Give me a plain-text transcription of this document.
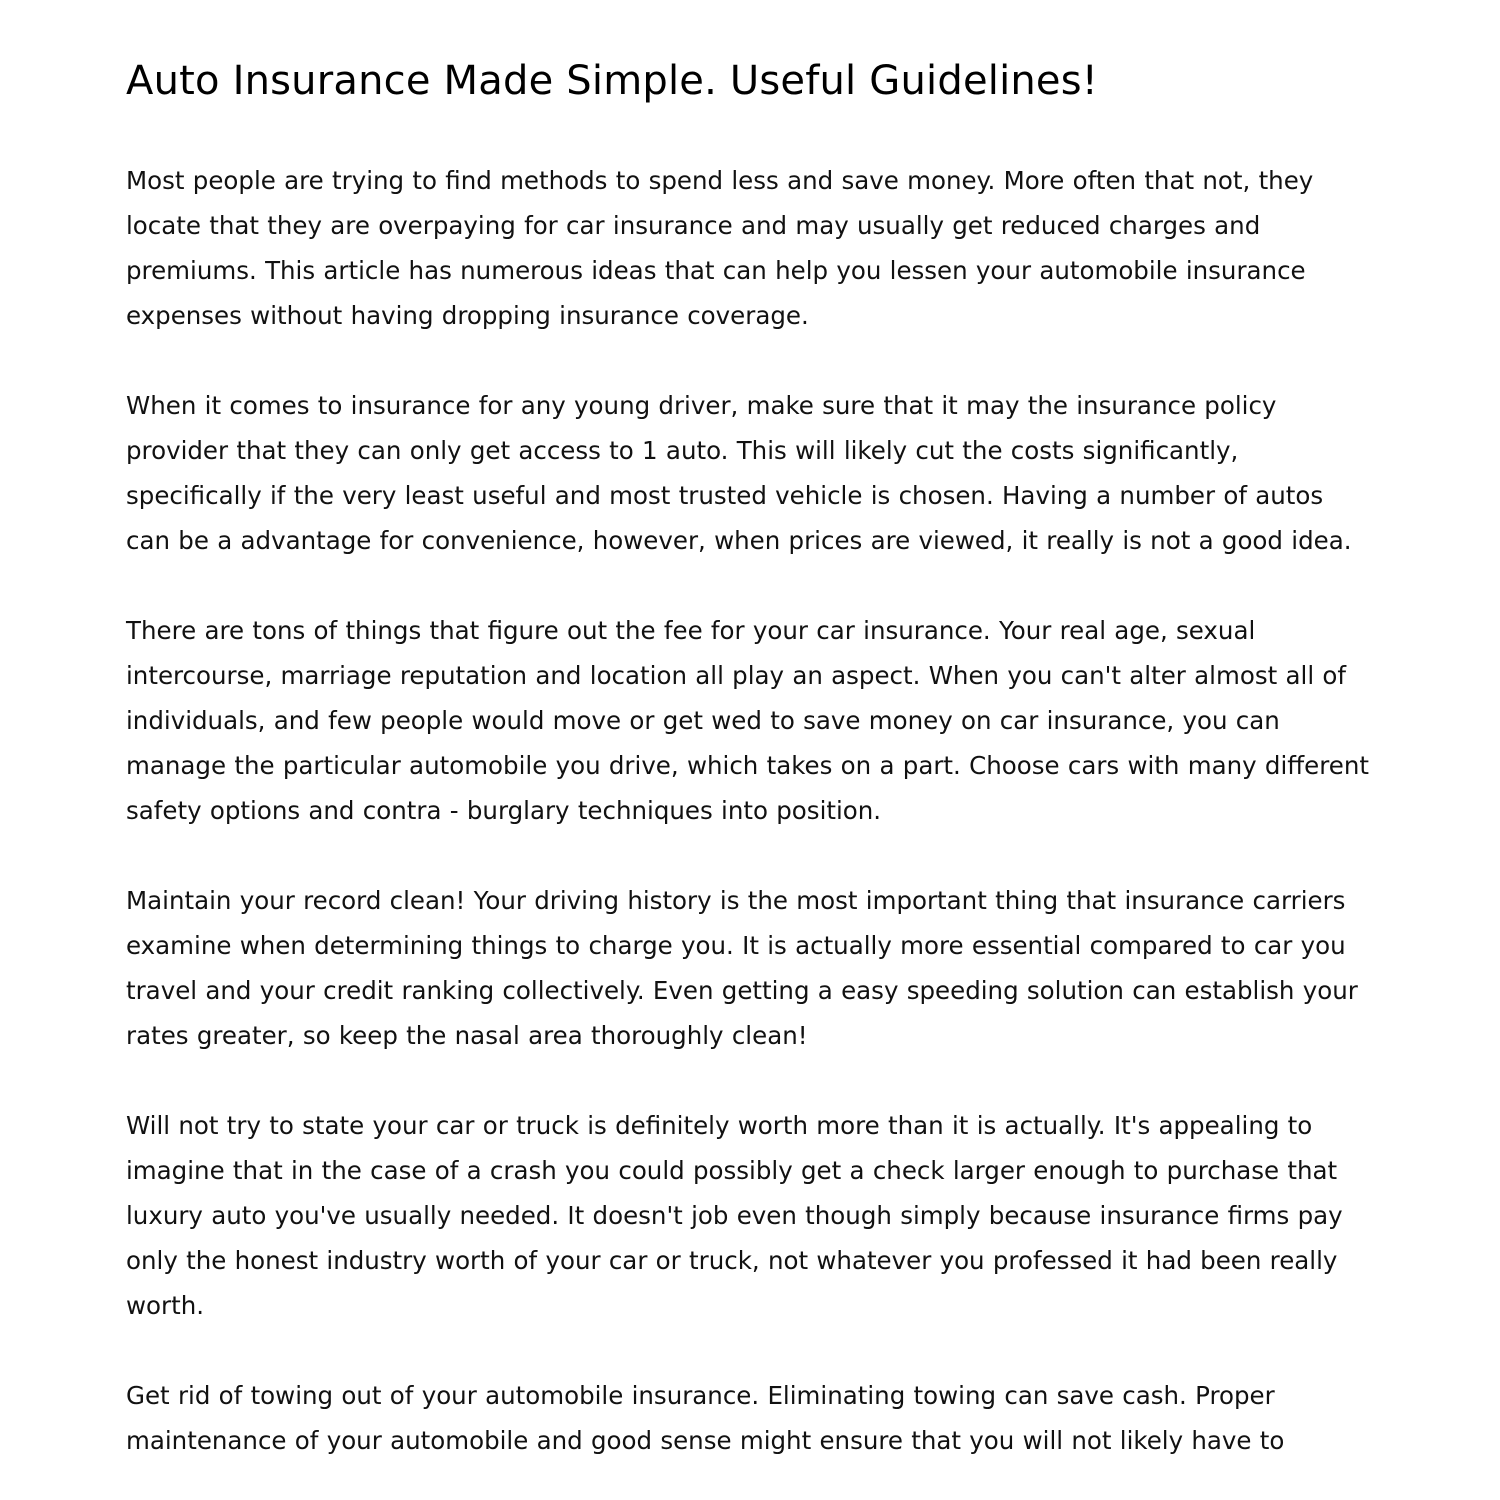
Auto Insurance Made Simple. Useful Guidelines!

Most people are trying to find methods to spend less and save money. More often that not, they locate that they are overpaying for car insurance and may usually get reduced charges and premiums. This article has numerous ideas that can help you lessen your automobile insurance expenses without having dropping insurance coverage.

When it comes to insurance for any young driver, make sure that it may the insurance policy provider that they can only get access to 1 auto. This will likely cut the costs significantly, specifically if the very least useful and most trusted vehicle is chosen. Having a number of autos can be a advantage for convenience, however, when prices are viewed, it really is not a good idea.

There are tons of things that figure out the fee for your car insurance. Your real age, sexual intercourse, marriage reputation and location all play an aspect. When you can't alter almost all of individuals, and few people would move or get wed to save money on car insurance, you can manage the particular automobile you drive, which takes on a part. Choose cars with many different safety options and contra - burglary techniques into position.

Maintain your record clean! Your driving history is the most important thing that insurance carriers examine when determining things to charge you. It is actually more essential compared to car you travel and your credit ranking collectively. Even getting a easy speeding solution can establish your rates greater, so keep the nasal area thoroughly clean!

Will not try to state your car or truck is definitely worth more than it is actually. It's appealing to imagine that in the case of a crash you could possibly get a check larger enough to purchase that luxury auto you've usually needed. It doesn't job even though simply because insurance firms pay only the honest industry worth of your car or truck, not whatever you professed it had been really worth.

Get rid of towing out of your automobile insurance. Eliminating towing can save cash. Proper maintenance of your automobile and good sense might ensure that you will not likely have to
